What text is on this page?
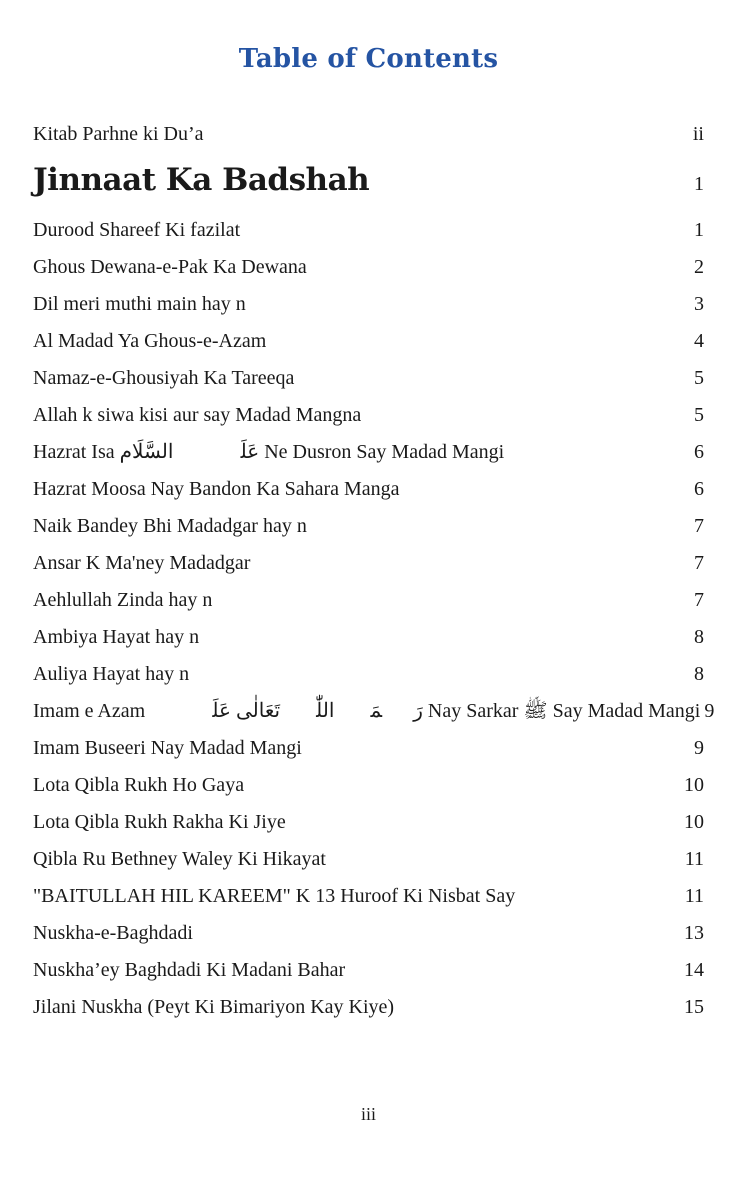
Table of Contents
Kitab Parhne ki Du’a	ii
Jinnaat Ka Badshah	1
Durood Shareef Ki fazilat	1
Ghous Dewana-e-Pak Ka Dewana	2
Dil meri muthi main hay n	3
Al Madad Ya Ghous-e-Azam	4
Namaz-e-Ghousiyah Ka Tareeqa	5
Allah k siwa kisi aur say Madad Mangna	5
Hazrat Isa عَلَیۡہِ السَّلَام Ne Dusron Say Madad Mangi	6
Hazrat Moosa Nay Bandon Ka Sahara Manga	6
Naik Bandey Bhi Madadgar hay n	7
Ansar K Ma'ney Madadgar	7
Aehlullah Zinda hay n	7
Ambiya Hayat hay n	8
Auliya Hayat hay n	8
Imam e Azam رَحۡمَۃُ اللّٰہِ تَعَالٰی عَلَیۡہِ Nay Sarkar ﷺ Say Madad Mangi 9
Imam Buseeri Nay Madad Mangi	9
Lota Qibla Rukh Ho Gaya	10
Lota Qibla Rukh Rakha Ki Jiye	10
Qibla Ru Bethney Waley Ki Hikayat	11
"BAITULLAH HIL KAREEM" K 13 Huroof Ki Nisbat Say	11
Nuskha-e-Baghdadi	13
Nuskha’ey Baghdadi Ki Madani Bahar	14
Jilani Nuskha (Peyt Ki Bimariyon Kay Kiye)	15
iii
